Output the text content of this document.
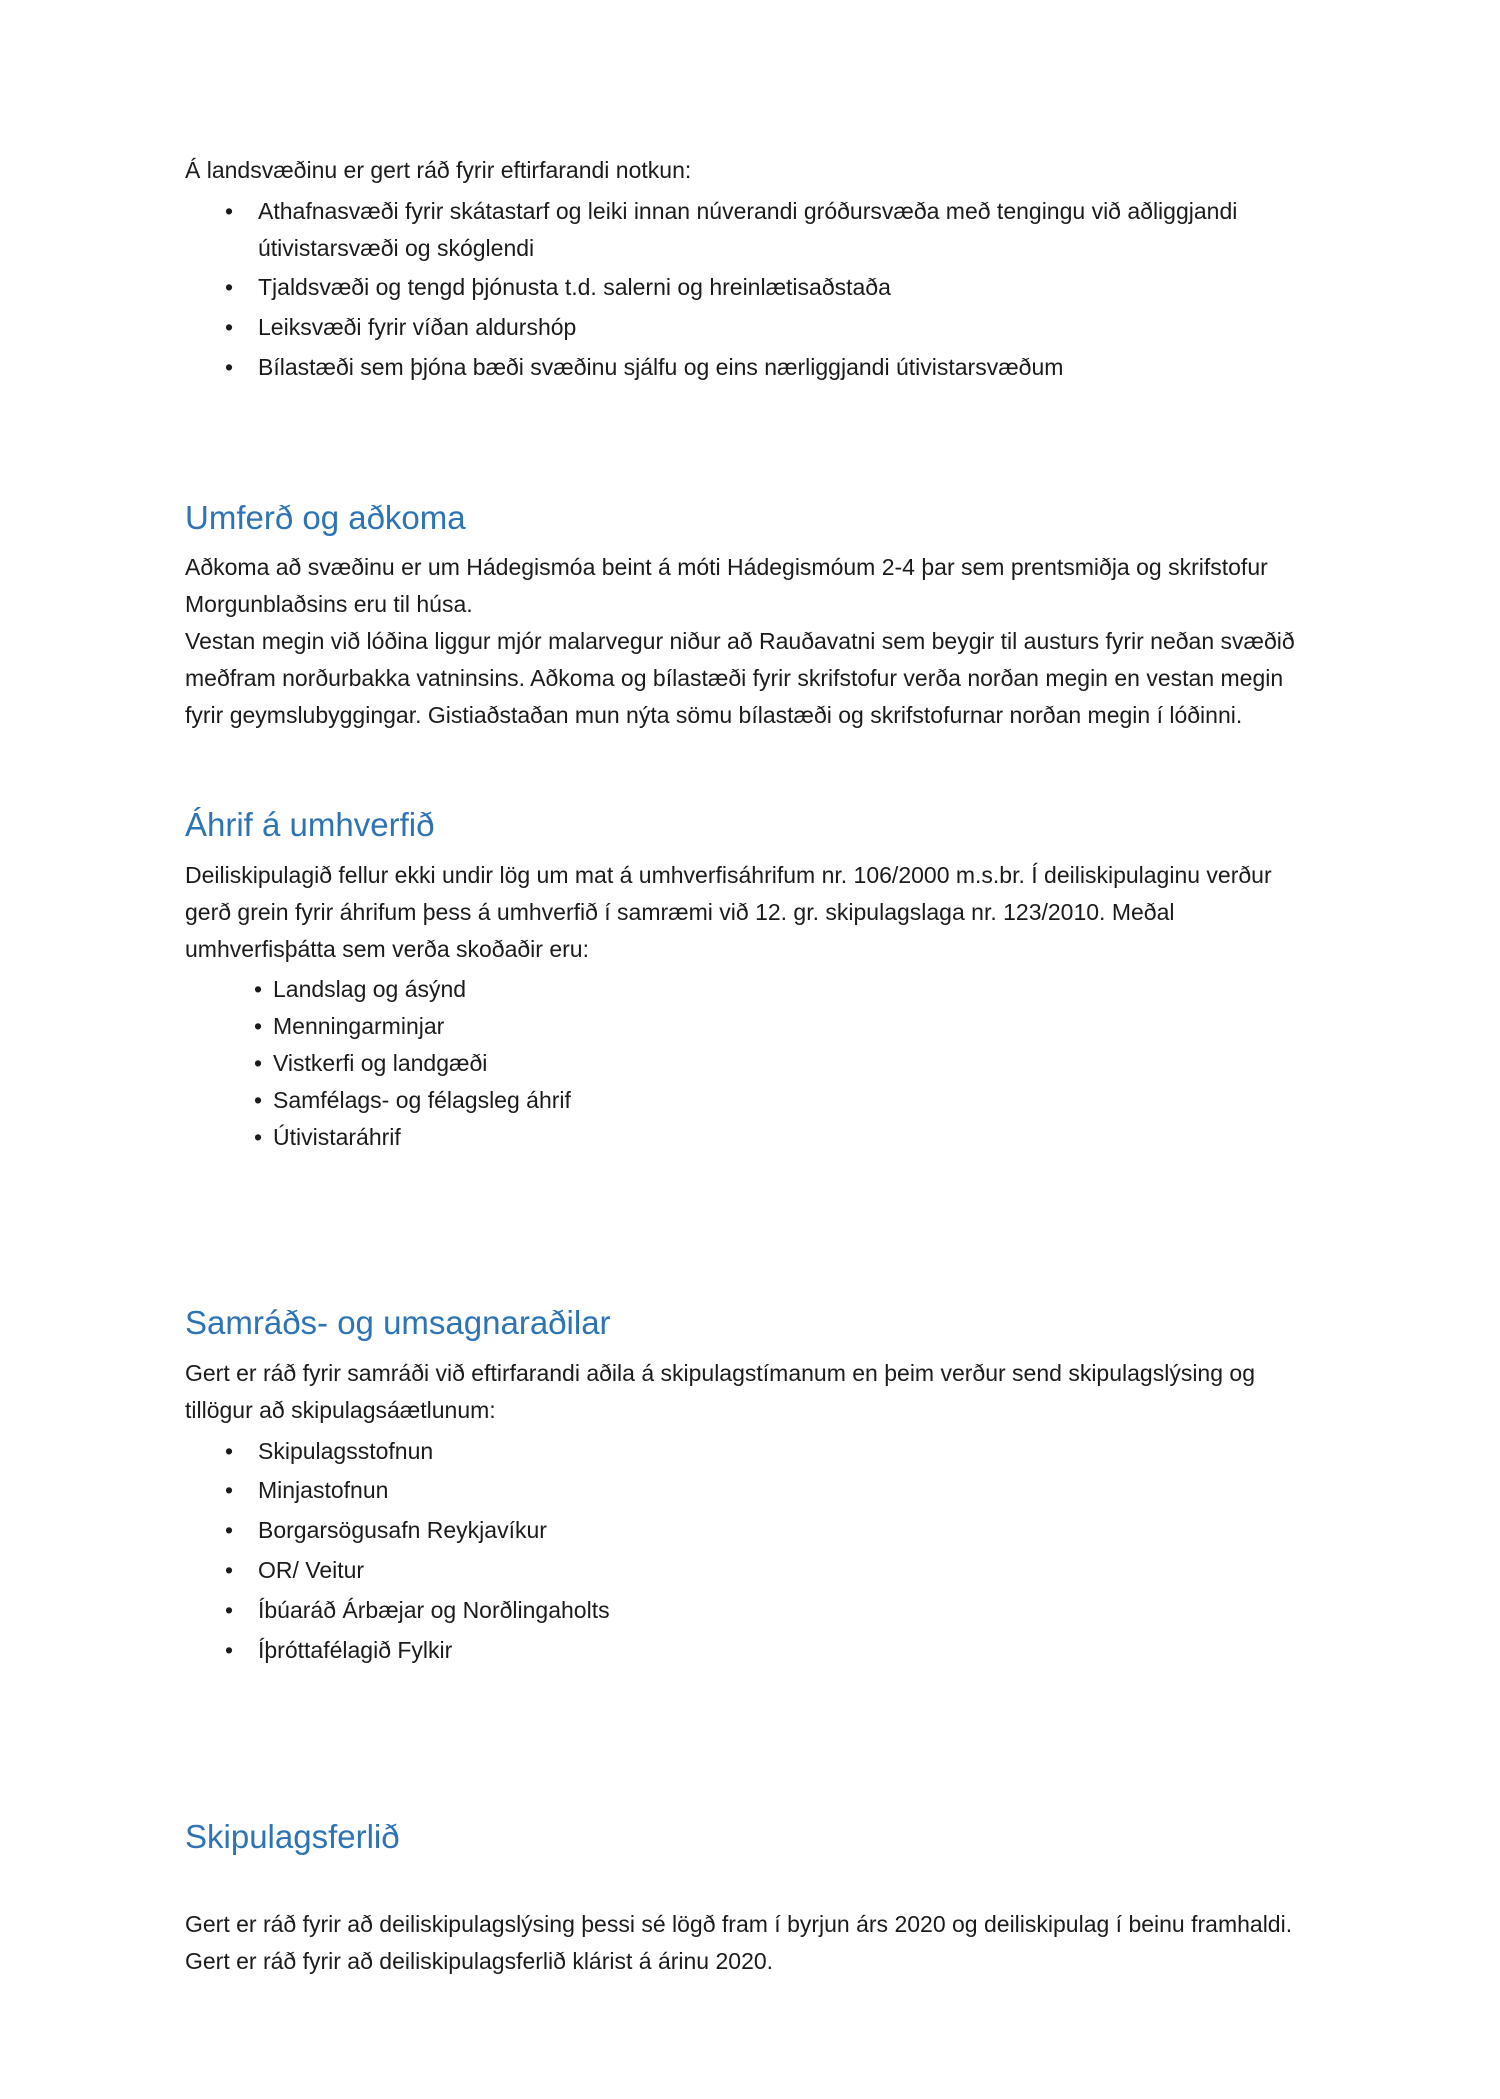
Á landsvæðinu er gert ráð fyrir eftirfarandi notkun:

• Athafnasvæði fyrir skátastarf og leiki innan núverandi gróðursvæða með tengingu við aðliggjandi útivistarsvæði og skóglendi
• Tjaldsvæði og tengd þjónusta t.d. salerni og hreinlætisaðstaða
• Leiksvæði fyrir víðan aldurshóp
• Bílastæði sem þjóna bæði svæðinu sjálfu og eins nærliggjandi útivistarsvæðum
Umferð og aðkoma

Aðkoma að svæðinu er um Hádegismóa beint á móti Hádegismóum 2-4 þar sem prentsmiðja og skrifstofur Morgunblaðsins eru til húsa.

Vestan megin við lóðina liggur mjór malarvegur niður að Rauðavatni sem beygir til austurs fyrir neðan svæðið meðfram norðurbakka vatninsins. Aðkoma og bílastæði fyrir skrifstofur verða norðan megin en vestan megin fyrir geymslubyggingar. Gistiaðstaðan mun nýta sömu bílastæði og skrifstofurnar norðan megin í lóðinni.

Áhrif á umhverfið

Deiliskipulagið fellur ekki undir lög um mat á umhverfisáhrifum nr. 106/2000 m.s.br. Í deiliskipulaginu verður gerð grein fyrir áhrifum þess á umhverfið í samræmi við 12. gr. skipulagslaga nr. 123/2010. Meðal umhverfisþátta sem verða skoðaðir eru:

• Landslag og ásýnd
• Menningarminjar
• Vistkerfi og landgæði
• Samfélags- og félagsleg áhrif
• Útivistaráhrif
Samráðs- og umsagnaraðilar

Gert er ráð fyrir samráði við eftirfarandi aðila á skipulagstímanum en þeim verður send skipulagslýsing og tillögur að skipulagsáætlunum:

• Skipulagsstofnun
• Minjastofnun
• Borgarsögusafn Reykjavíkur
• OR/ Veitur
• Íbúaráð Árbæjar og Norðlingaholts
• Íþróttafélagið Fylkir
Skipulagsferlið

Gert er ráð fyrir að deiliskipulagslýsing þessi sé lögð fram í byrjun árs 2020 og deiliskipulag í beinu framhaldi. Gert er ráð fyrir að deiliskipulagsferlið klárist á árinu 2020.
